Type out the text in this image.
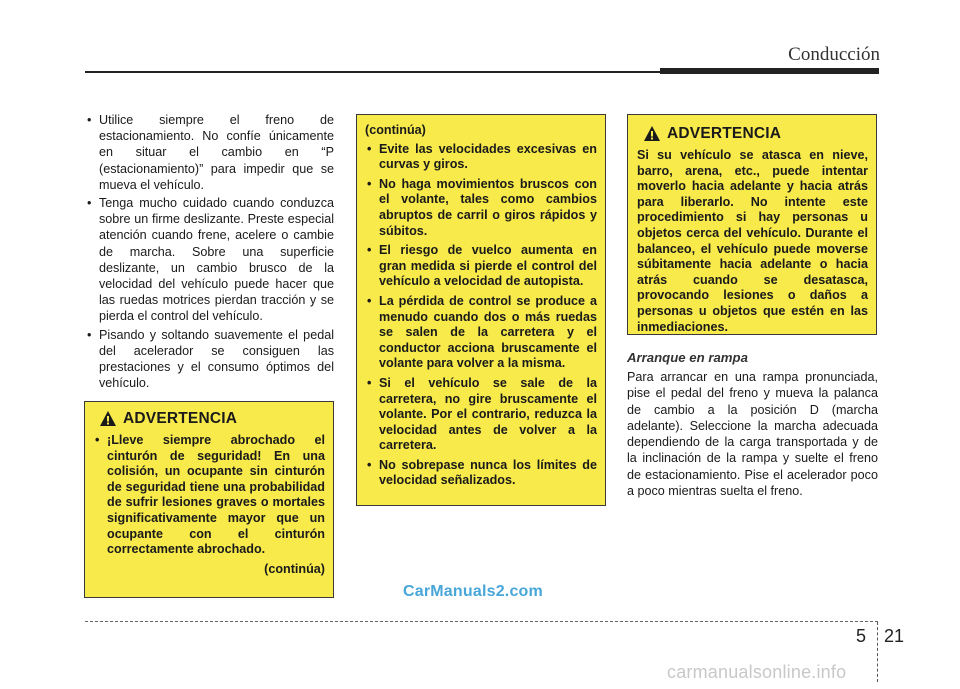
Conducción
• Utilice siempre el freno de estacionamiento. No confíe únicamente en situar el cambio en “P (estacionamiento)” para impedir que se mueva el vehículo.
• Tenga mucho cuidado cuando conduzca sobre un firme deslizante. Preste especial atención cuando frene, acelere o cambie de marcha. Sobre una superficie deslizante, un cambio brusco de la velocidad del vehículo puede hacer que las ruedas motrices pierdan tracción y se pierda el control del vehículo.
• Pisando y soltando suavemente el pedal del acelerador se consiguen las prestaciones y el consumo óptimos del vehículo.
ADVERTENCIA
• ¡Lleve siempre abrochado el cinturón de seguridad! En una colisión, un ocupante sin cinturón de seguridad tiene una probabilidad de sufrir lesiones graves o mortales significativamente mayor que un ocupante con el cinturón correctamente abrochado.
(continúa)
(continúa)
• Evite las velocidades excesivas en curvas y giros.
• No haga movimientos bruscos con el volante, tales como cambios abruptos de carril o giros rápidos y súbitos.
• El riesgo de vuelco aumenta en gran medida si pierde el control del vehículo a velocidad de autopista.
• La pérdida de control se produce a menudo cuando dos o más ruedas se salen de la carretera y el conductor acciona bruscamente el volante para volver a la misma.
• Si el vehículo se sale de la carretera, no gire bruscamente el volante. Por el contrario, reduzca la velocidad antes de volver a la carretera.
• No sobrepase nunca los límites de velocidad señalizados.
ADVERTENCIA
Si su vehículo se atasca en nieve, barro, arena, etc., puede intentar moverlo hacia adelante y hacia atrás para liberarlo. No intente este procedimiento si hay personas u objetos cerca del vehículo. Durante el balanceo, el vehículo puede moverse súbitamente hacia adelante o hacia atrás cuando se desatasca, provocando lesiones o daños a personas u objetos que estén en las inmediaciones.
Arranque en rampa
Para arrancar en una rampa pronunciada, pise el pedal del freno y mueva la palanca de cambio a la posición D (marcha adelante). Seleccione la marcha adecuada dependiendo de la carga transportada y de la inclinación de la rampa y suelte el freno de estacionamiento. Pise el acelerador poco a poco mientras suelta el freno.
CarManuals2.com
5 21
carmanualsonline.info
